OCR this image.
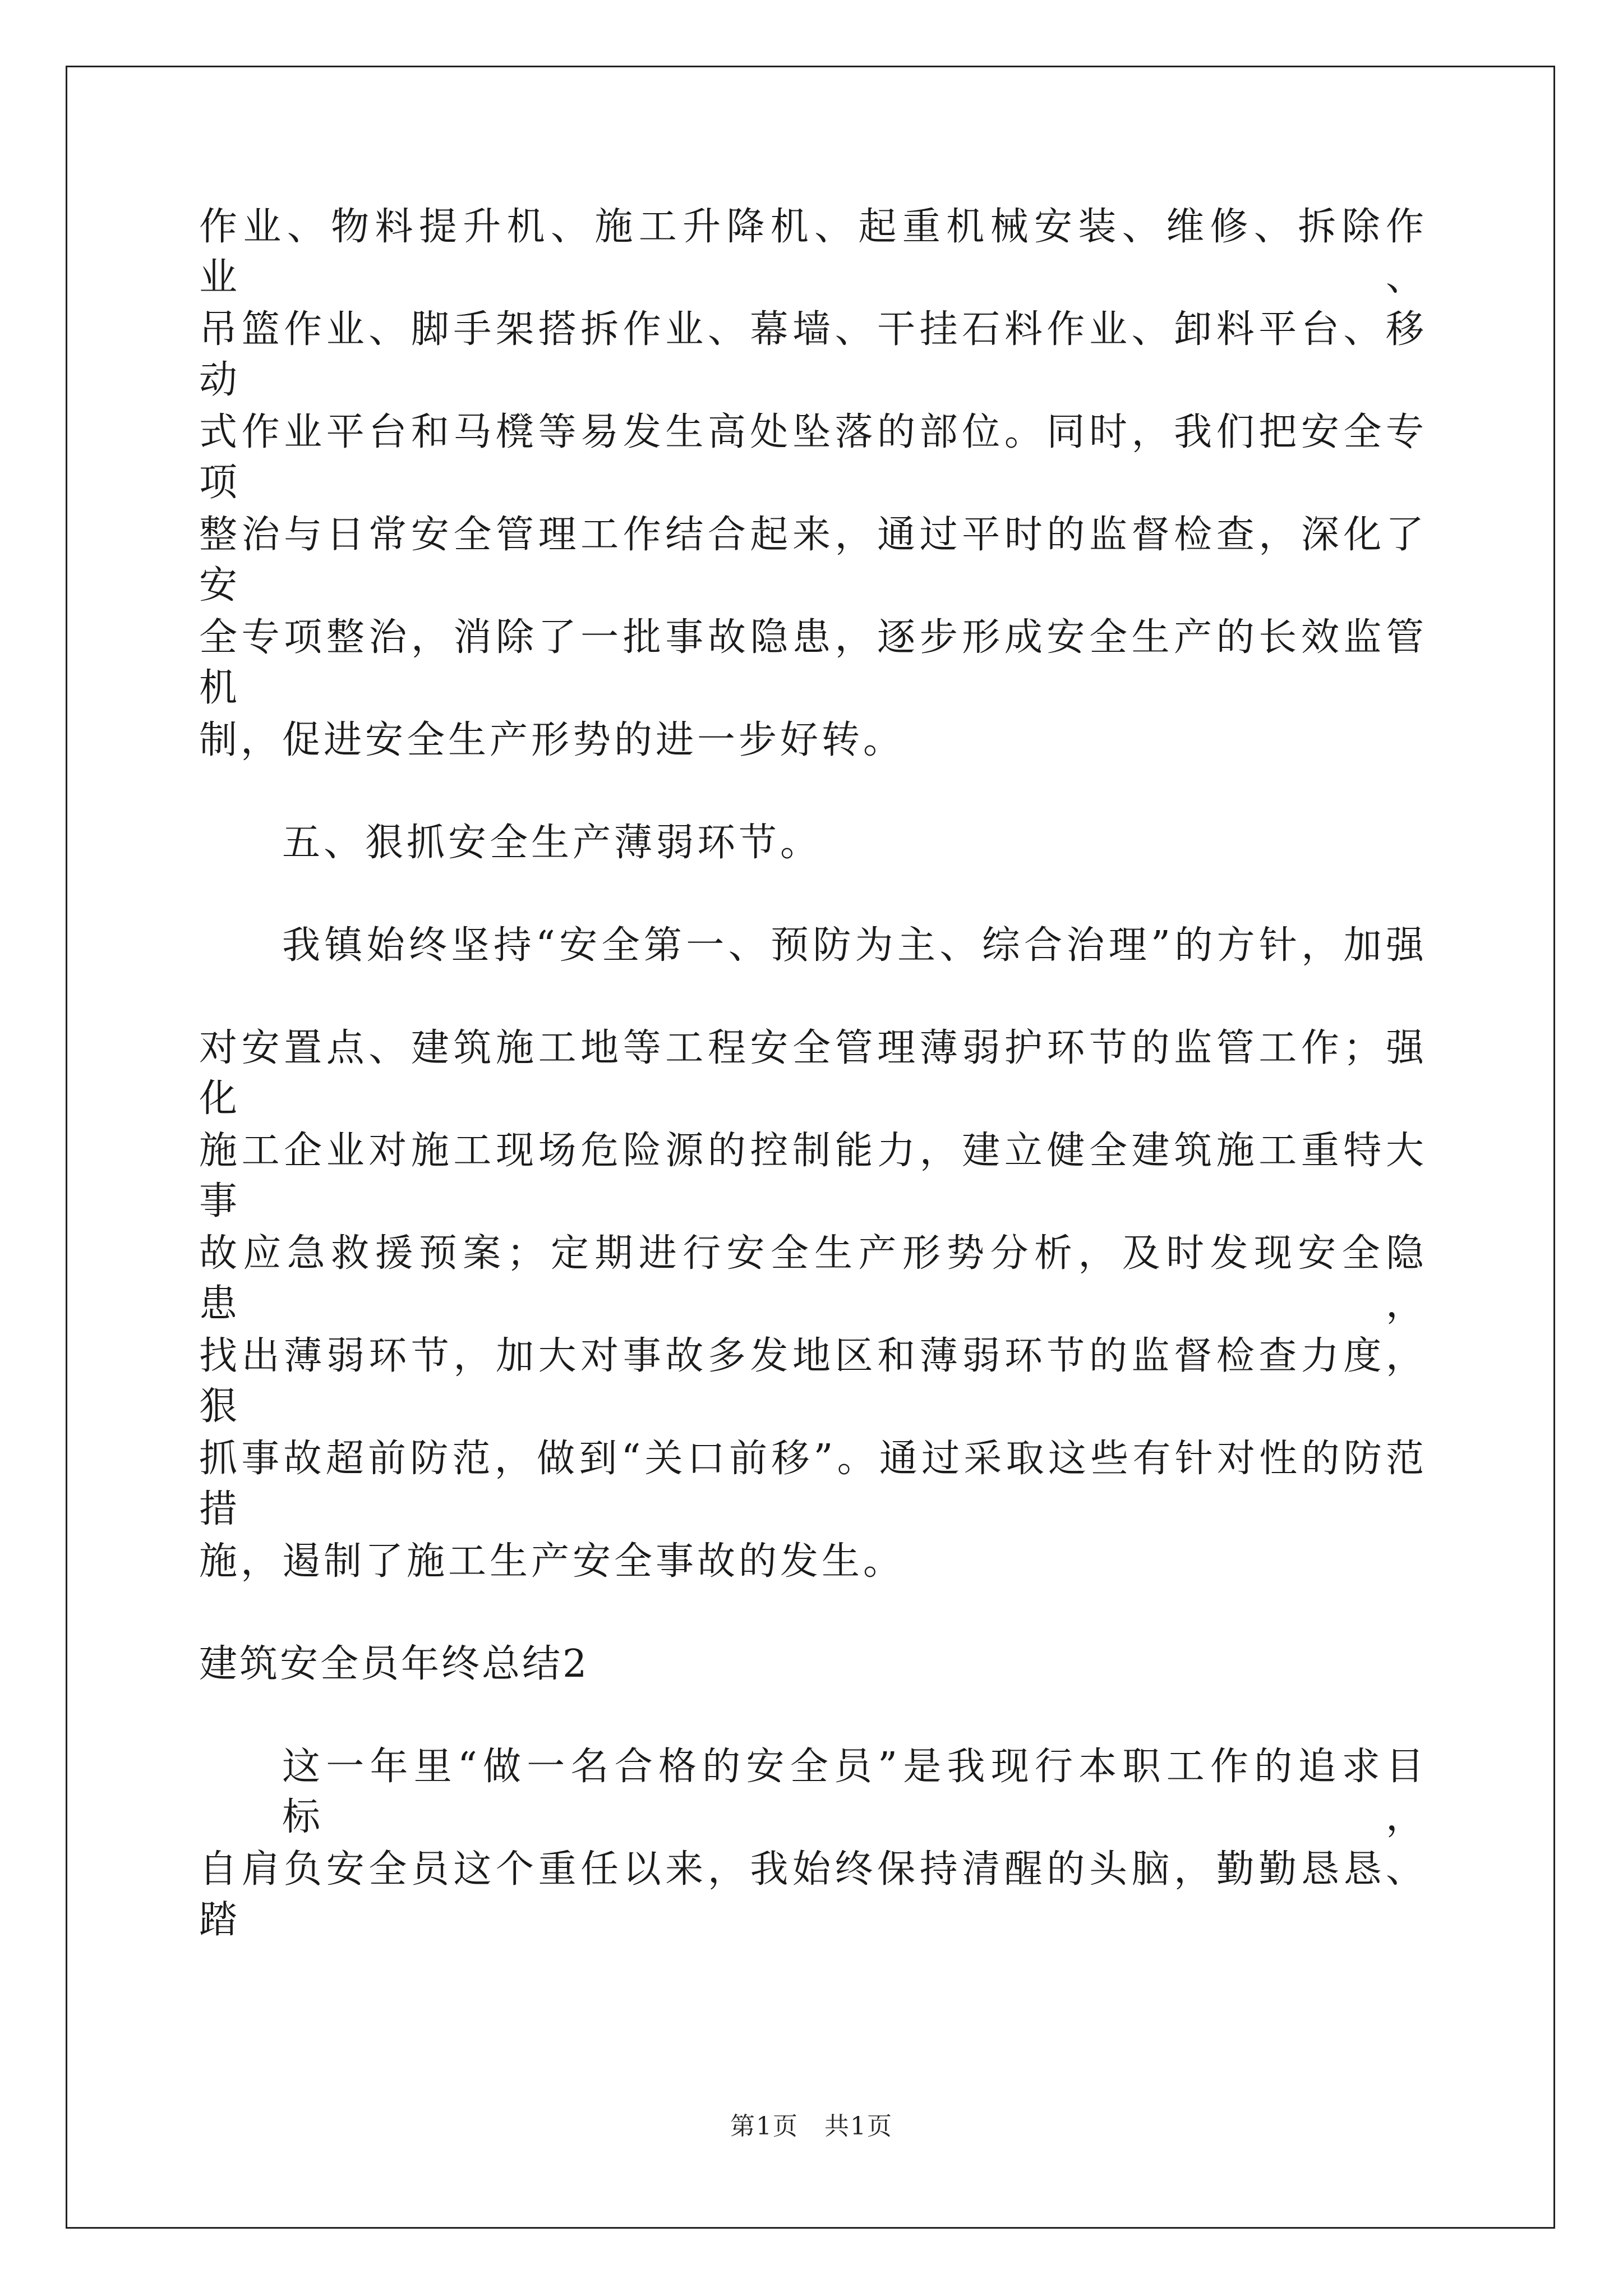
作业、物料提升机、施工升降机、起重机械安装、维修、拆除作业、
吊篮作业、脚手架搭拆作业、幕墙、干挂石料作业、卸料平台、移动
式作业平台和马櫈等易发生高处坠落的部位。同时，我们把安全专项
整治与日常安全管理工作结合起来，通过平时的监督检查，深化了安
全专项整治，消除了一批事故隐患，逐步形成安全生产的长效监管机
制，促进安全生产形势的进一步好转。
五、狠抓安全生产薄弱环节。
我镇始终坚持“安全第一、预防为主、综合治理”的方针，加强
对安置点、建筑施工地等工程安全管理薄弱护环节的监管工作；强化
施工企业对施工现场危险源的控制能力，建立健全建筑施工重特大事
故应急救援预案；定期进行安全生产形势分析，及时发现安全隐患，
找出薄弱环节，加大对事故多发地区和薄弱环节的监督检查力度，狠
抓事故超前防范，做到“关口前移”。通过采取这些有针对性的防范措
施，遏制了施工生产安全事故的发生。
建筑安全员年终总结2
这一年里“做一名合格的安全员”是我现行本职工作的追求目标，
自肩负安全员这个重任以来，我始终保持清醒的头脑，勤勤恳恳、踏
第1页　共1页
